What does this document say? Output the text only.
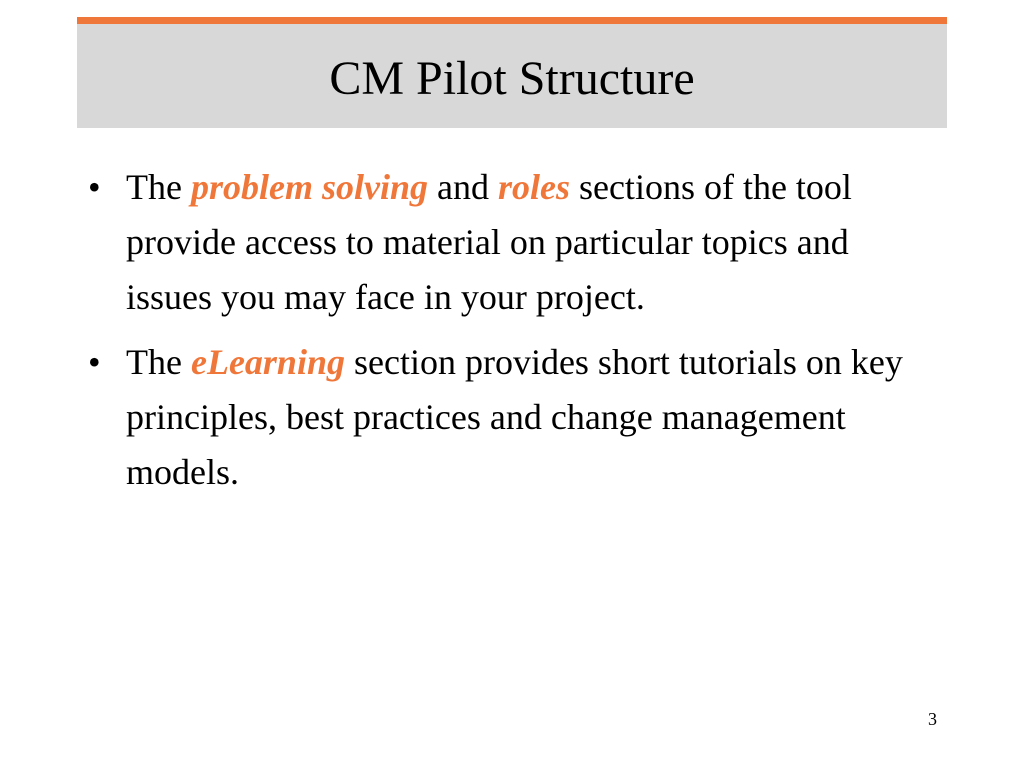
CM Pilot Structure
• The problem solving and roles sections of the tool provide access to material on particular topics and issues you may face in your project.
• The eLearning section provides short tutorials on key principles, best practices and change management models.
3
